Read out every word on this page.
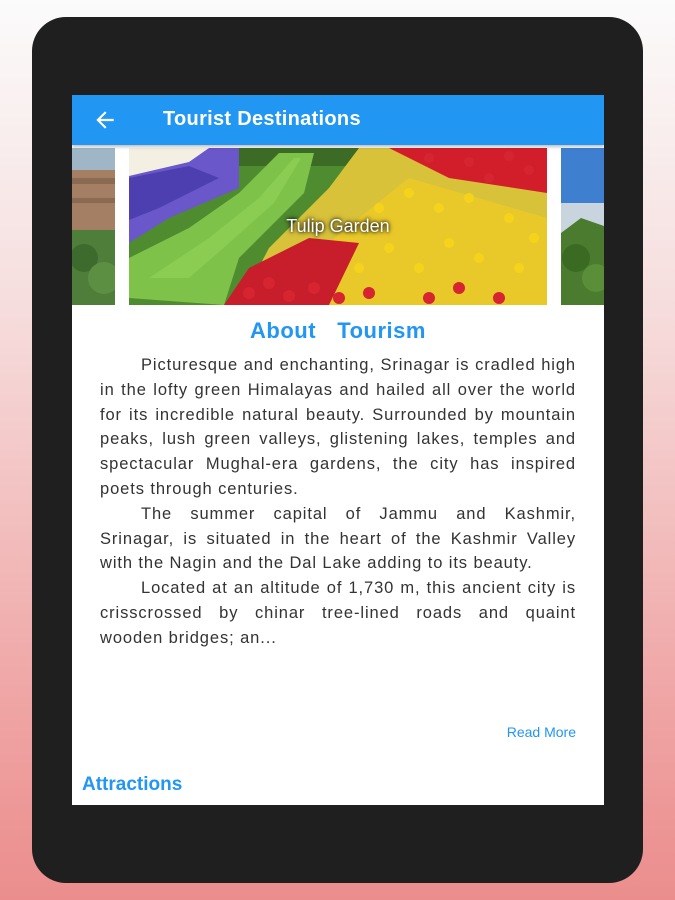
Tourist Destinations
Tulip Garden
About  Tourism

Picturesque and enchanting, Srinagar is cradled high in the lofty green Himalayas and hailed all over the world for its incredible natural beauty. Surrounded by mountain peaks, lush green valleys, glistening lakes, temples and spectacular Mughal-era gardens, the city has inspired poets through centuries.

The summer capital of Jammu and Kashmir, Srinagar, is situated in the heart of the Kashmir Valley with the Nagin and the Dal Lake adding to its beauty.

Located at an altitude of 1,730 m, this ancient city is crisscrossed by chinar tree-lined roads and quaint wooden bridges; an...

Read More
Attractions
